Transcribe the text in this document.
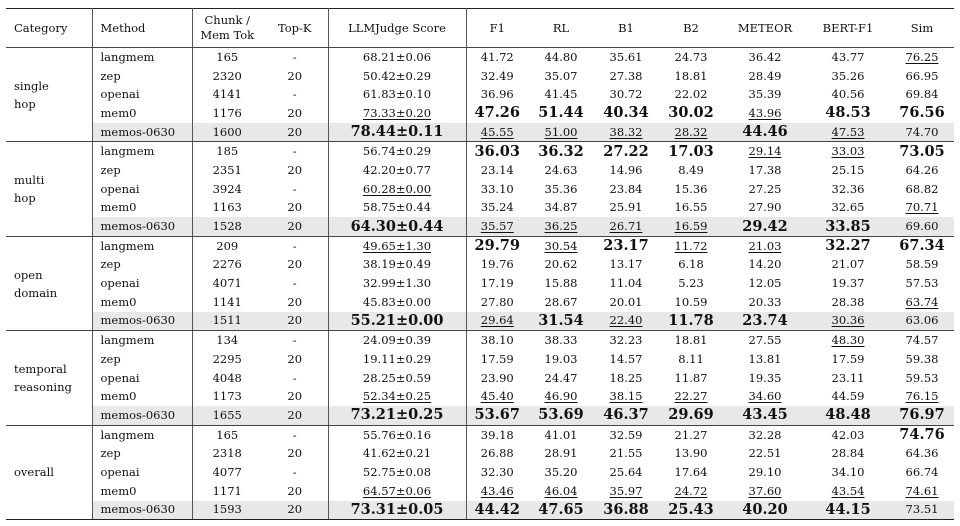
Category	Method	Chunk /
Mem Tok	Top-K	LLMJudge Score	F1	RL	B1	B2	METEOR	BERT-F1	Sim
single
hop	langmem	165	-	68.21±0.06	41.72	44.80	35.61	24.73	36.42	43.77	76.25
	zep	2320	20	50.42±0.29	32.49	35.07	27.38	18.81	28.49	35.26	66.95
	openai	4141	-	61.83±0.10	36.96	41.45	30.72	22.02	35.39	40.56	69.84
	mem0	1176	20	73.33±0.20	47.26	51.44	40.34	30.02	43.96	48.53	76.56
	memos-0630	1600	20	78.44±0.11	45.55	51.00	38.32	28.32	44.46	47.53	74.70
multi
hop	langmem	185	-	56.74±0.29	36.03	36.32	27.22	17.03	29.14	33.03	73.05
	zep	2351	20	42.20±0.77	23.14	24.63	14.96	8.49	17.38	25.15	64.26
	openai	3924	-	60.28±0.00	33.10	35.36	23.84	15.36	27.25	32.36	68.82
	mem0	1163	20	58.75±0.44	35.24	34.87	25.91	16.55	27.90	32.65	70.71
	memos-0630	1528	20	64.30±0.44	35.57	36.25	26.71	16.59	29.42	33.85	69.60
open
domain	langmem	209	-	49.65±1.30	29.79	30.54	23.17	11.72	21.03	32.27	67.34
	zep	2276	20	38.19±0.49	19.76	20.62	13.17	6.18	14.20	21.07	58.59
	openai	4071	-	32.99±1.30	17.19	15.88	11.04	5.23	12.05	19.37	57.53
	mem0	1141	20	45.83±0.00	27.80	28.67	20.01	10.59	20.33	28.38	63.74
	memos-0630	1511	20	55.21±0.00	29.64	31.54	22.40	11.78	23.74	30.36	63.06
temporal
reasoning	langmem	134	-	24.09±0.39	38.10	38.33	32.23	18.81	27.55	48.30	74.57
	zep	2295	20	19.11±0.29	17.59	19.03	14.57	8.11	13.81	17.59	59.38
	openai	4048	-	28.25±0.59	23.90	24.47	18.25	11.87	19.35	23.11	59.53
	mem0	1173	20	52.34±0.25	45.40	46.90	38.15	22.27	34.60	44.59	76.15
	memos-0630	1655	20	73.21±0.25	53.67	53.69	46.37	29.69	43.45	48.48	76.97
overall	langmem	165	-	55.76±0.16	39.18	41.01	32.59	21.27	32.28	42.03	74.76
	zep	2318	20	41.62±0.21	26.88	28.91	21.55	13.90	22.51	28.84	64.36
	openai	4077	-	52.75±0.08	32.30	35.20	25.64	17.64	29.10	34.10	66.74
	mem0	1171	20	64.57±0.06	43.46	46.04	35.97	24.72	37.60	43.54	74.61
	memos-0630	1593	20	73.31±0.05	44.42	47.65	36.88	25.43	40.20	44.15	73.51
